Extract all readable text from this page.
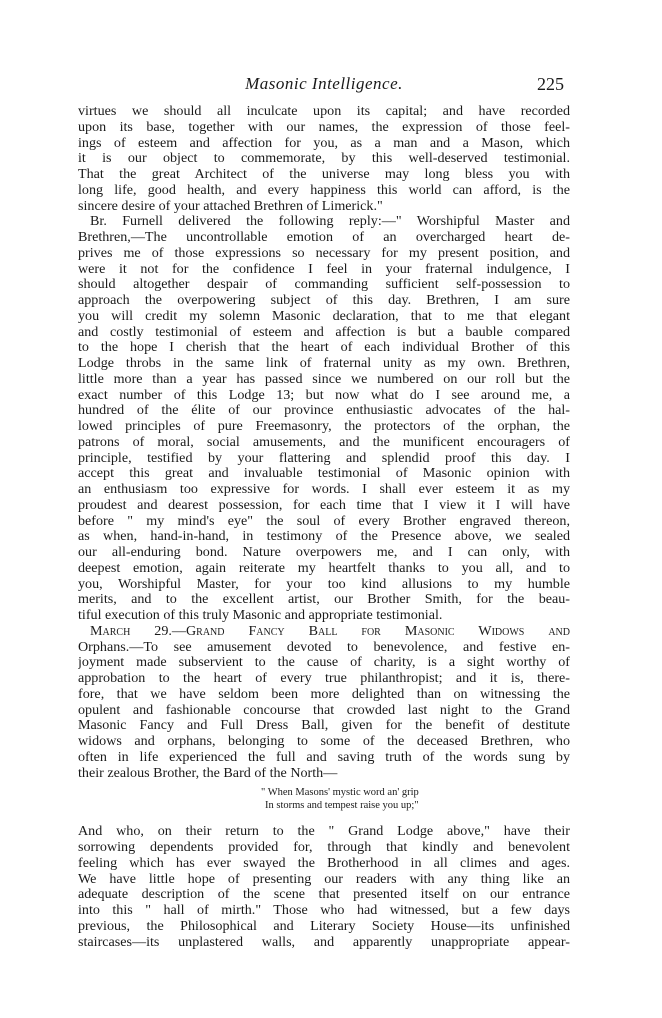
Masonic Intelligence.	225
virtues we should all inculcate upon its capital; and have recorded
upon its base, together with our names, the expression of those feel-
ings of esteem and affection for you, as a man and a Mason, which
it is our object to commemorate, by this well-deserved testimonial.
That the great Architect of the universe may long bless you with
long life, good health, and every happiness this world can afford, is the
sincere desire of your attached Brethren of Limerick."
Br. Furnell delivered the following reply:—" Worshipful Master and
Brethren,—The uncontrollable emotion of an overcharged heart de-
prives me of those expressions so necessary for my present position, and
were it not for the confidence I feel in your fraternal indulgence, I
should altogether despair of commanding sufficient self-possession to
approach the overpowering subject of this day. Brethren, I am sure
you will credit my solemn Masonic declaration, that to me that elegant
and costly testimonial of esteem and affection is but a bauble compared
to the hope I cherish that the heart of each individual Brother of this
Lodge throbs in the same link of fraternal unity as my own. Brethren,
little more than a year has passed since we numbered on our roll but the
exact number of this Lodge 13; but now what do I see around me, a
hundred of the élite of our province enthusiastic advocates of the hal-
lowed principles of pure Freemasonry, the protectors of the orphan, the
patrons of moral, social amusements, and the munificent encouragers of
principle, testified by your flattering and splendid proof this day. I
accept this great and invaluable testimonial of Masonic opinion with
an enthusiasm too expressive for words. I shall ever esteem it as my
proudest and dearest possession, for each time that I view it I will have
before " my mind's eye" the soul of every Brother engraved thereon,
as when, hand-in-hand, in testimony of the Presence above, we sealed
our all-enduring bond. Nature overpowers me, and I can only, with
deepest emotion, again reiterate my heartfelt thanks to you all, and to
you, Worshipful Master, for your too kind allusions to my humble
merits, and to the excellent artist, our Brother Smith, for the beau-
tiful execution of this truly Masonic and appropriate testimonial.
March 29.—Grand Fancy Ball for Masonic Widows and
Orphans.—To see amusement devoted to benevolence, and festive en-
joyment made subservient to the cause of charity, is a sight worthy of
approbation to the heart of every true philanthropist; and it is, there-
fore, that we have seldom been more delighted than on witnessing the
opulent and fashionable concourse that crowded last night to the Grand
Masonic Fancy and Full Dress Ball, given for the benefit of destitute
widows and orphans, belonging to some of the deceased Brethren, who
often in life experienced the full and saving truth of the words sung by
their zealous Brother, the Bard of the North—
" When Masons' mystic word an' grip
In storms and tempest raise you up;"
And who, on their return to the " Grand Lodge above," have their
sorrowing dependents provided for, through that kindly and benevolent
feeling which has ever swayed the Brotherhood in all climes and ages.
We have little hope of presenting our readers with any thing like an
adequate description of the scene that presented itself on our entrance
into this " hall of mirth." Those who had witnessed, but a few days
previous, the Philosophical and Literary Society House—its unfinished
staircases—its unplastered walls, and apparently unappropriate appear-
